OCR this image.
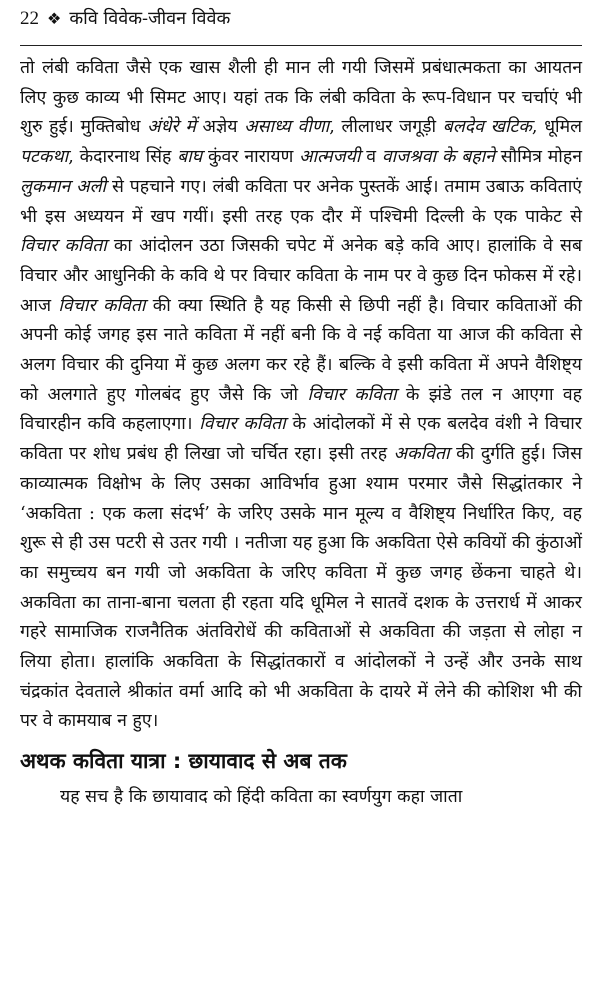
22 ❖ कवि विवेक-जीवन विवेक

तो लंबी कविता जैसे एक खास शैली ही मान ली गयी जिसमें प्रबंधात्मकता का आयतन लिए कुछ काव्य भी सिमट आए। यहां तक कि लंबी कविता के रूप-विधान पर चर्चाएं भी शुरु हुई। मुक्तिबोध अंधेरे में अज्ञेय असाध्य वीणा, लीलाधर जगूड़ी बलदेव खटिक, धूमिल पटकथा, केदारनाथ सिंह बाघ कुंवर नारायण आत्मजयी व वाजश्रवा के बहाने सौमित्र मोहन लुकमान अली से पहचाने गए। लंबी कविता पर अनेक पुस्तकें आई। तमाम उबाऊ कविताएं भी इस अध्ययन में खप गयीं। इसी तरह एक दौर में पश्चिमी दिल्ली के एक पाकेट से विचार कविता का आंदोलन उठा जिसकी चपेट में अनेक बड़े कवि आए। हालांकि वे सब विचार और आधुनिकी के कवि थे पर विचार कविता के नाम पर वे कुछ दिन फोकस में रहे। आज विचार कविता की क्या स्थिति है यह किसी से छिपी नहीं है। विचार कविताओं की अपनी कोई जगह इस नाते कविता में नहीं बनी कि वे नई कविता या आज की कविता से अलग विचार की दुनिया में कुछ अलग कर रहे हैं। बल्कि वे इसी कविता में अपने वैशिष्ट्य को अलगाते हुए गोलबंद हुए जैसे कि जो विचार कविता के झंडे तल न आएगा वह विचारहीन कवि कहलाएगा। विचार कविता के आंदोलकों में से एक बलदेव वंशी ने विचार कविता पर शोध प्रबंध ही लिखा जो चर्चित रहा। इसी तरह अकविता की दुर्गति हुई। जिस काव्यात्मक विक्षोभ के लिए उसका आविर्भाव हुआ श्याम परमार जैसे सिद्धांतकार ने ‘अकविता : एक कला संदर्भ’ के जरिए उसके मान मूल्य व वैशिष्ट्य निर्धारित किए, वह शुरू से ही उस पटरी से उतर गयी । नतीजा यह हुआ कि अकविता ऐसे कवियों की कुंठाओं का समुच्चय बन गयी जो अकविता के जरिए कविता में कुछ जगह छेंकना चाहते थे। अकविता का ताना-बाना चलता ही रहता यदि धूमिल ने सातवें दशक के उत्तरार्ध में आकर गहरे सामाजिक राजनैतिक अंतविरोधें की कविताओं से अकविता की जड़ता से लोहा न लिया होता। हालांकि अकविता के सिद्धांतकारों व आंदोलकों ने उन्हें और उनके साथ चंद्रकांत देवताले श्रीकांत वर्मा आदि को भी अकविता के दायरे में लेने की कोशिश भी की पर वे कामयाब न हुए।

अथक कविता यात्रा : छायावाद से अब तक

यह सच है कि छायावाद को हिंदी कविता का स्वर्णयुग कहा जाता
